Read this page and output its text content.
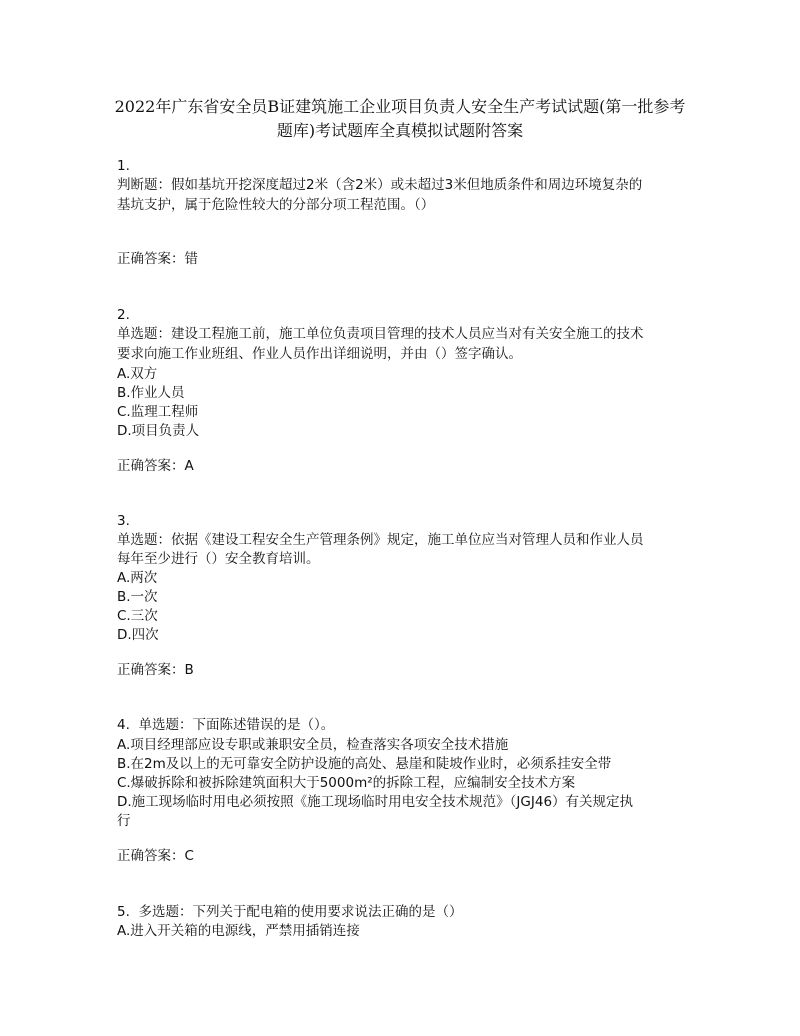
2022年广东省安全员B证建筑施工企业项目负责人安全生产考试试题(第一批参考
题库)考试题库全真模拟试题附答案
1.
判断题：假如基坑开挖深度超过2米（含2米）或未超过3米但地质条件和周边环境复杂的
基坑支护，属于危险性较大的分部分项工程范围。（）
正确答案：错
2.
单选题：建设工程施工前，施工单位负责项目管理的技术人员应当对有关安全施工的技术
要求向施工作业班组、作业人员作出详细说明，并由（）签字确认。
A.双方
B.作业人员
C.监理工程师
D.项目负责人
正确答案：A
3.
单选题：依据《建设工程安全生产管理条例》规定，施工单位应当对管理人员和作业人员
每年至少进行（）安全教育培训。
A.两次
B.一次
C.三次
D.四次
正确答案：B
4. 单选题：下面陈述错误的是（）。
A.项目经理部应设专职或兼职安全员，检查落实各项安全技术措施
B.在2m及以上的无可靠安全防护设施的高处、悬崖和陡坡作业时，必须系挂安全带
C.爆破拆除和被拆除建筑面积大于5000m²的拆除工程，应编制安全技术方案
D.施工现场临时用电必须按照《施工现场临时用电安全技术规范》（JGJ46）有关规定执
行
正确答案：C
5. 多选题：下列关于配电箱的使用要求说法正确的是（）
A.进入开关箱的电源线，严禁用插销连接
